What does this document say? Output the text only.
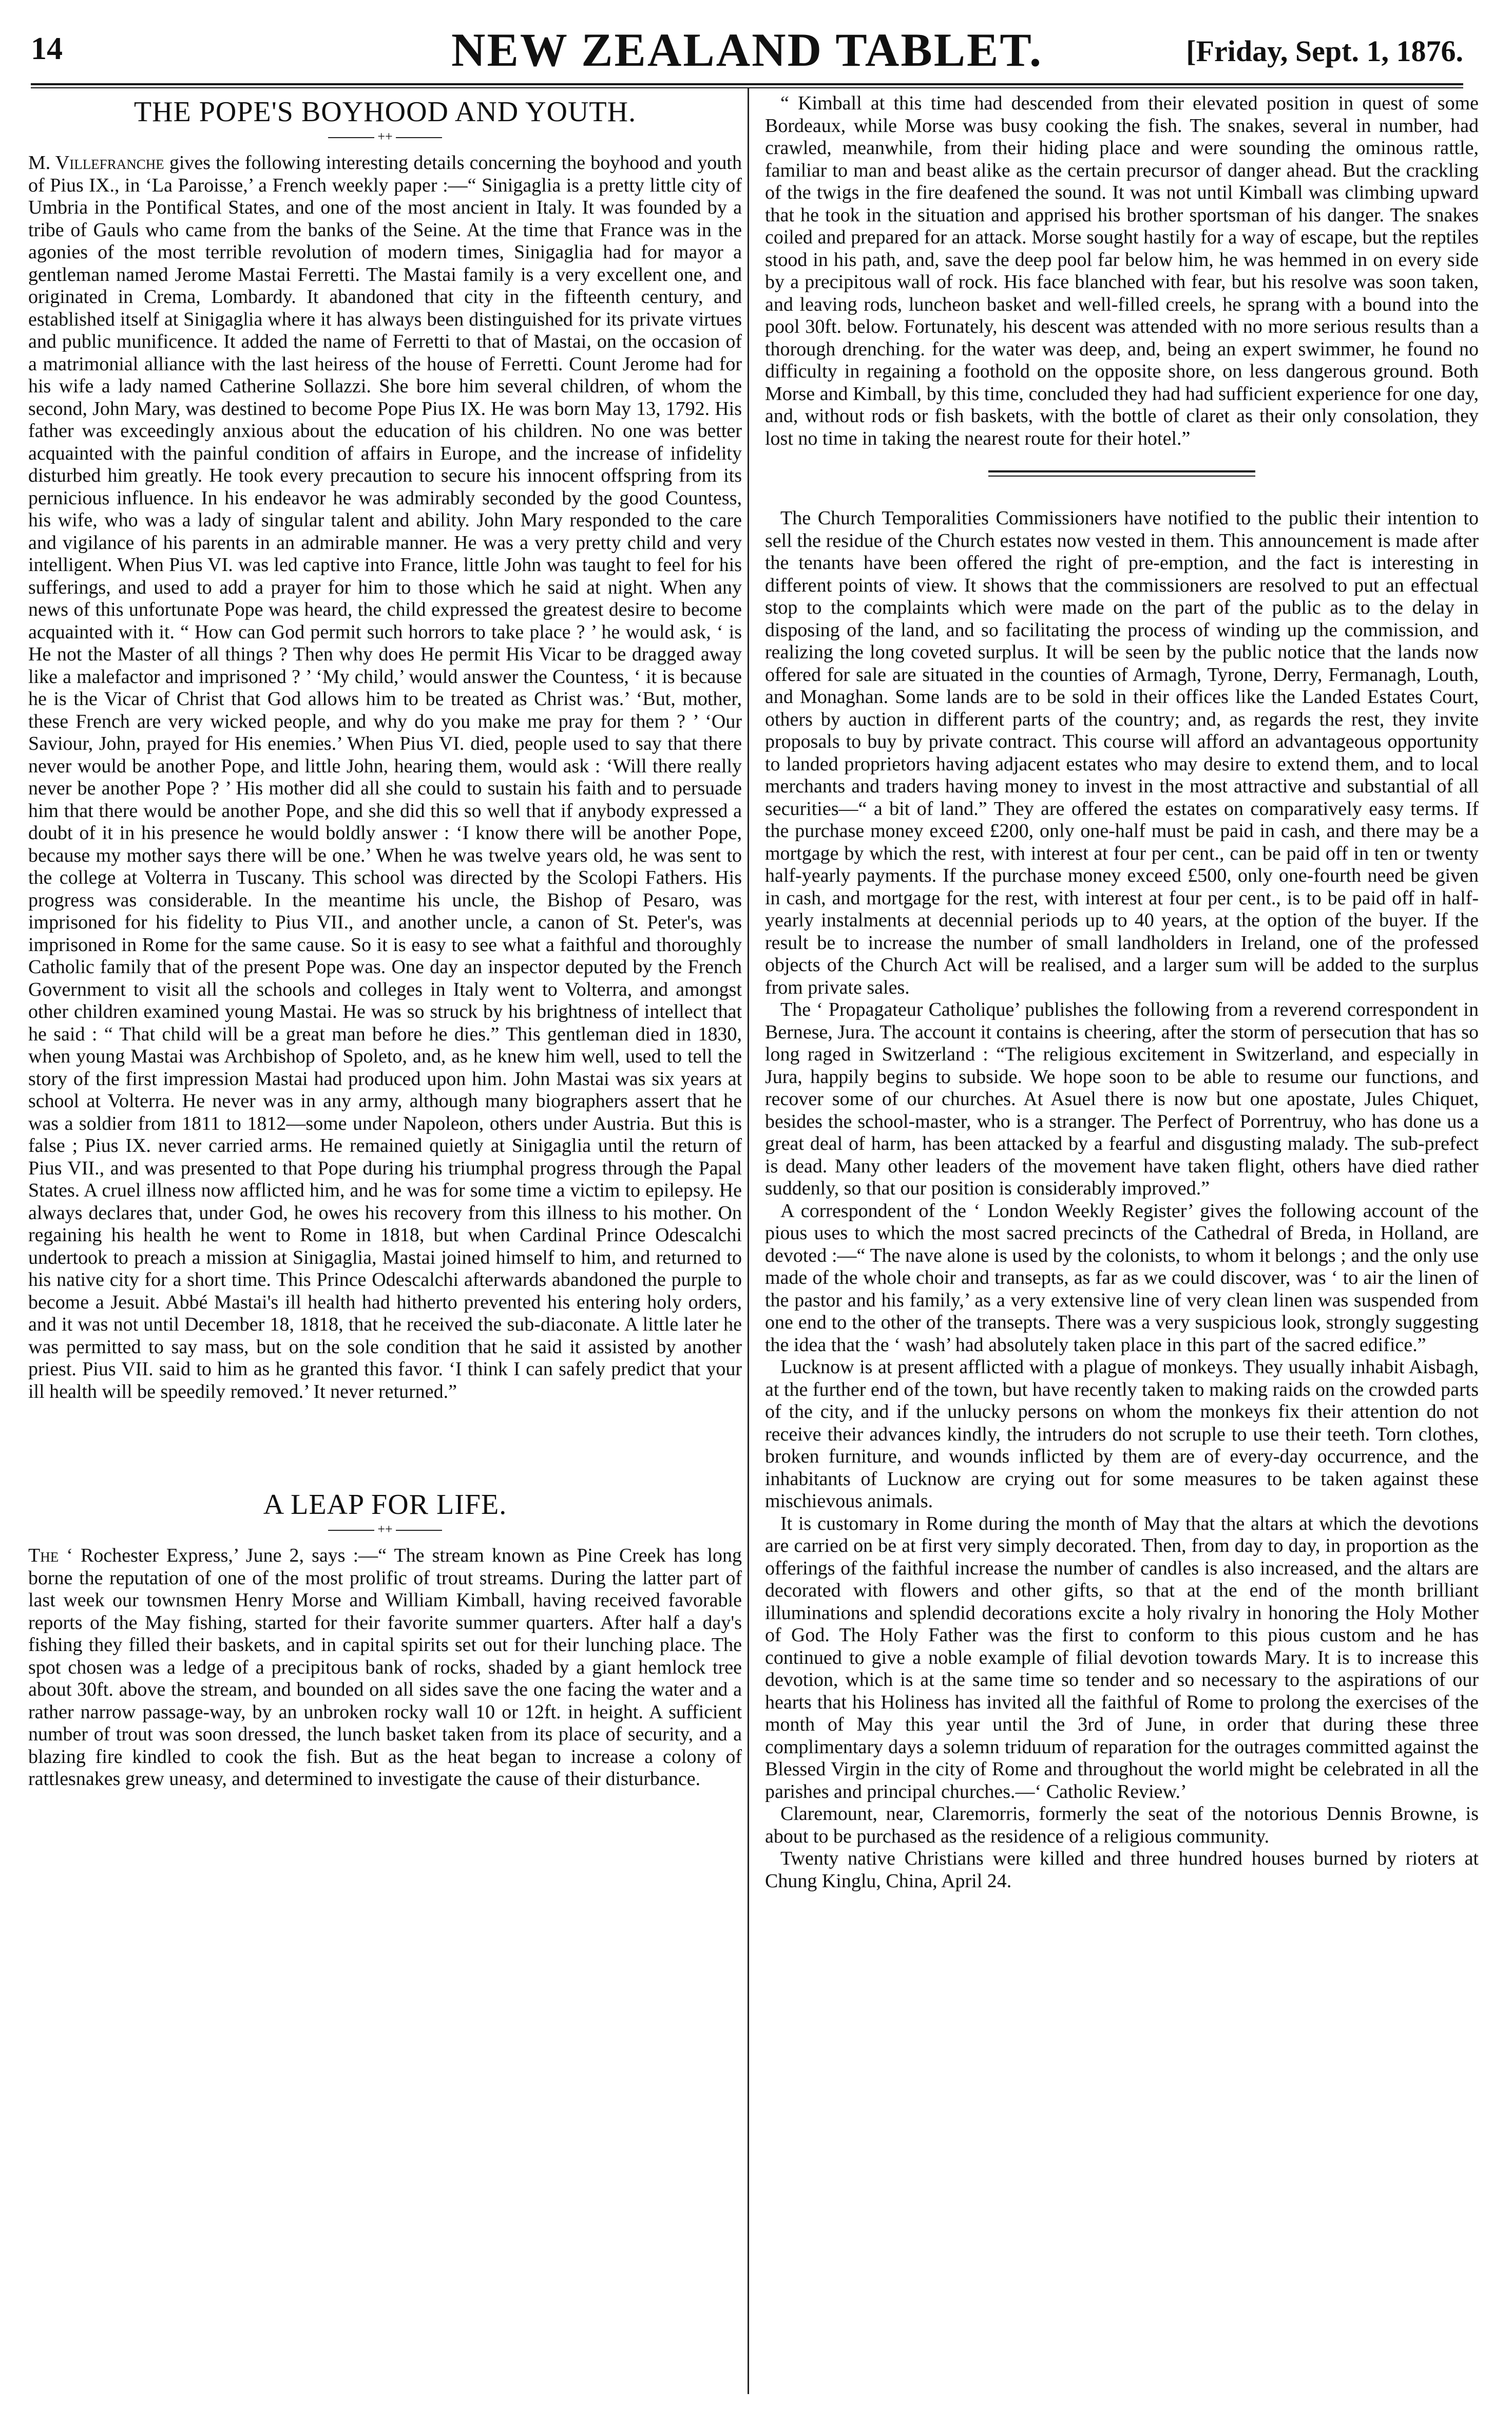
14	NEW ZEALAND TABLET.	[Friday, Sept. 1, 1876.
THE POPE'S BOYHOOD AND YOUTH.
++

M. Villefranche gives the following interesting details concerning the boyhood and youth of Pius IX., in ‘La Paroisse,’ a French weekly paper :—“ Sinigaglia is a pretty little city of Umbria in the Pontifical States, and one of the most ancient in Italy. It was founded by a tribe of Gauls who came from the banks of the Seine. At the time that France was in the agonies of the most terrible revolution of modern times, Sinigaglia had for mayor a gentleman named Jerome Mastai Ferretti. The Mastai family is a very excellent one, and originated in Crema, Lombardy. It abandoned that city in the fifteenth century, and established itself at Sinigaglia where it has always been distinguished for its private virtues and public munificence. It added the name of Ferretti to that of Mastai, on the occasion of a matrimonial alliance with the last heiress of the house of Ferretti. Count Jerome had for his wife a lady named Catherine Sollazzi. She bore him several children, of whom the second, John Mary, was destined to become Pope Pius IX. He was born May 13, 1792. His father was exceedingly anxious about the education of his children. No one was better acquainted with the painful condition of affairs in Europe, and the increase of infidelity disturbed him greatly. He took every precaution to secure his innocent offspring from its pernicious influence. In his endeavor he was admirably seconded by the good Countess, his wife, who was a lady of singular talent and ability. John Mary responded to the care and vigilance of his parents in an admirable manner. He was a very pretty child and very intelligent. When Pius VI. was led captive into France, little John was taught to feel for his sufferings, and used to add a prayer for him to those which he said at night. When any news of this unfortunate Pope was heard, the child expressed the greatest desire to become acquainted with it. “ How can God permit such horrors to take place ? ’ he would ask, ‘ is He not the Master of all things ? Then why does He permit His Vicar to be dragged away like a malefactor and imprisoned ? ’ ‘My child,’ would answer the Countess, ‘ it is because he is the Vicar of Christ that God allows him to be treated as Christ was.’ ‘But, mother, these French are very wicked people, and why do you make me pray for them ? ’ ‘Our Saviour, John, prayed for His enemies.’ When Pius VI. died, people used to say that there never would be another Pope, and little John, hearing them, would ask : ‘Will there really never be another Pope ? ’ His mother did all she could to sustain his faith and to persuade him that there would be another Pope, and she did this so well that if anybody expressed a doubt of it in his presence he would boldly answer : ‘I know there will be another Pope, because my mother says there will be one.’ When he was twelve years old, he was sent to the college at Volterra in Tuscany. This school was directed by the Scolopi Fathers. His progress was considerable. In the meantime his uncle, the Bishop of Pesaro, was imprisoned for his fidelity to Pius VII., and another uncle, a canon of St. Peter's, was imprisoned in Rome for the same cause. So it is easy to see what a faithful and thoroughly Catholic family that of the present Pope was. One day an inspector deputed by the French Government to visit all the schools and colleges in Italy went to Volterra, and amongst other children examined young Mastai. He was so struck by his brightness of intellect that he said : “ That child will be a great man before he dies.” This gentleman died in 1830, when young Mastai was Archbishop of Spoleto, and, as he knew him well, used to tell the story of the first impression Mastai had produced upon him. John Mastai was six years at school at Volterra. He never was in any army, although many biographers assert that he was a soldier from 1811 to 1812—some under Napoleon, others under Austria. But this is false ; Pius IX. never carried arms. He remained quietly at Sinigaglia until the return of Pius VII., and was presented to that Pope during his triumphal progress through the Papal States. A cruel illness now afflicted him, and he was for some time a victim to epilepsy. He always declares that, under God, he owes his recovery from this illness to his mother. On regaining his health he went to Rome in 1818, but when Cardinal Prince Odescalchi undertook to preach a mission at Sinigaglia, Mastai joined himself to him, and returned to his native city for a short time. This Prince Odescalchi afterwards abandoned the purple to become a Jesuit. Abbé Mastai's ill health had hitherto prevented his entering holy orders, and it was not until December 18, 1818, that he received the sub-diaconate. A little later he was permitted to say mass, but on the sole condition that he said it assisted by another priest. Pius VII. said to him as he granted this favor. ‘I think I can safely predict that your ill health will be speedily removed.’ It never returned.”

A LEAP FOR LIFE.
++

The ‘ Rochester Express,’ June 2, says :—“ The stream known as Pine Creek has long borne the reputation of one of the most prolific of trout streams. During the latter part of last week our townsmen Henry Morse and William Kimball, having received favorable reports of the May fishing, started for their favorite summer quarters. After half a day's fishing they filled their baskets, and in capital spirits set out for their lunching place. The spot chosen was a ledge of a precipitous bank of rocks, shaded by a giant hemlock tree about 30ft. above the stream, and bounded on all sides save the one facing the water and a rather narrow passage-way, by an unbroken rocky wall 10 or 12ft. in height. A sufficient number of trout was soon dressed, the lunch basket taken from its place of security, and a blazing fire kindled to cook the fish. But as the heat began to increase a colony of rattlesnakes grew uneasy, and determined to investigate the cause of their disturbance.

“ Kimball at this time had descended from their elevated position in quest of some Bordeaux, while Morse was busy cooking the fish. The snakes, several in number, had crawled, meanwhile, from their hiding place and were sounding the ominous rattle, familiar to man and beast alike as the certain precursor of danger ahead. But the crackling of the twigs in the fire deafened the sound. It was not until Kimball was climbing upward that he took in the situation and apprised his brother sportsman of his danger. The snakes coiled and prepared for an attack. Morse sought hastily for a way of escape, but the reptiles stood in his path, and, save the deep pool far below him, he was hemmed in on every side by a precipitous wall of rock. His face blanched with fear, but his resolve was soon taken, and leaving rods, luncheon basket and well-filled creels, he sprang with a bound into the pool 30ft. below. Fortunately, his descent was attended with no more serious results than a thorough drenching. for the water was deep, and, being an expert swimmer, he found no difficulty in regaining a foothold on the opposite shore, on less dangerous ground. Both Morse and Kimball, by this time, concluded they had had sufficient experience for one day, and, without rods or fish baskets, with the bottle of claret as their only consolation, they lost no time in taking the nearest route for their hotel.”

The Church Temporalities Commissioners have notified to the public their intention to sell the residue of the Church estates now vested in them. This announcement is made after the tenants have been offered the right of pre-emption, and the fact is interesting in different points of view. It shows that the commissioners are resolved to put an effectual stop to the complaints which were made on the part of the public as to the delay in disposing of the land, and so facilitating the process of winding up the commission, and realizing the long coveted surplus. It will be seen by the public notice that the lands now offered for sale are situated in the counties of Armagh, Tyrone, Derry, Fermanagh, Louth, and Monaghan. Some lands are to be sold in their offices like the Landed Estates Court, others by auction in different parts of the country; and, as regards the rest, they invite proposals to buy by private contract. This course will afford an advantageous opportunity to landed proprietors having adjacent estates who may desire to extend them, and to local merchants and traders having money to invest in the most attractive and substantial of all securities—“ a bit of land.” They are offered the estates on comparatively easy terms. If the purchase money exceed £200, only one-half must be paid in cash, and there may be a mortgage by which the rest, with interest at four per cent., can be paid off in ten or twenty half-yearly payments. If the purchase money exceed £500, only one-fourth need be given in cash, and mortgage for the rest, with interest at four per cent., is to be paid off in half-yearly instalments at decennial periods up to 40 years, at the option of the buyer. If the result be to increase the number of small landholders in Ireland, one of the professed objects of the Church Act will be realised, and a larger sum will be added to the surplus from private sales.

The ‘ Propagateur Catholique’ publishes the following from a reverend correspondent in Bernese, Jura. The account it contains is cheering, after the storm of persecution that has so long raged in Switzerland : “The religious excitement in Switzerland, and especially in Jura, happily begins to subside. We hope soon to be able to resume our functions, and recover some of our churches. At Asuel there is now but one apostate, Jules Chiquet, besides the school-master, who is a stranger. The Perfect of Porrentruy, who has done us a great deal of harm, has been attacked by a fearful and disgusting malady. The sub-prefect is dead. Many other leaders of the movement have taken flight, others have died rather suddenly, so that our position is considerably improved.”

A correspondent of the ‘ London Weekly Register’ gives the following account of the pious uses to which the most sacred precincts of the Cathedral of Breda, in Holland, are devoted :—“ The nave alone is used by the colonists, to whom it belongs ; and the only use made of the whole choir and transepts, as far as we could discover, was ‘ to air the linen of the pastor and his family,’ as a very extensive line of very clean linen was suspended from one end to the other of the transepts. There was a very suspicious look, strongly suggesting the idea that the ‘ wash’ had absolutely taken place in this part of the sacred edifice.”

Lucknow is at present afflicted with a plague of monkeys. They usually inhabit Aisbagh, at the further end of the town, but have recently taken to making raids on the crowded parts of the city, and if the unlucky persons on whom the monkeys fix their attention do not receive their advances kindly, the intruders do not scruple to use their teeth. Torn clothes, broken furniture, and wounds inflicted by them are of every-day occurrence, and the inhabitants of Lucknow are crying out for some measures to be taken against these mischievous animals.

It is customary in Rome during the month of May that the altars at which the devotions are carried on be at first very simply decorated. Then, from day to day, in proportion as the offerings of the faithful increase the number of candles is also increased, and the altars are decorated with flowers and other gifts, so that at the end of the month brilliant illuminations and splendid decorations excite a holy rivalry in honoring the Holy Mother of God. The Holy Father was the first to conform to this pious custom and he has continued to give a noble example of filial devotion towards Mary. It is to increase this devotion, which is at the same time so tender and so necessary to the aspirations of our hearts that his Holiness has invited all the faithful of Rome to prolong the exercises of the month of May this year until the 3rd of June, in order that during these three complimentary days a solemn triduum of reparation for the outrages committed against the Blessed Virgin in the city of Rome and throughout the world might be celebrated in all the parishes and principal churches.—‘ Catholic Review.’

Claremount, near, Claremorris, formerly the seat of the notorious Dennis Browne, is about to be purchased as the residence of a religious community.

Twenty native Christians were killed and three hundred houses burned by rioters at Chung Kinglu, China, April 24.
